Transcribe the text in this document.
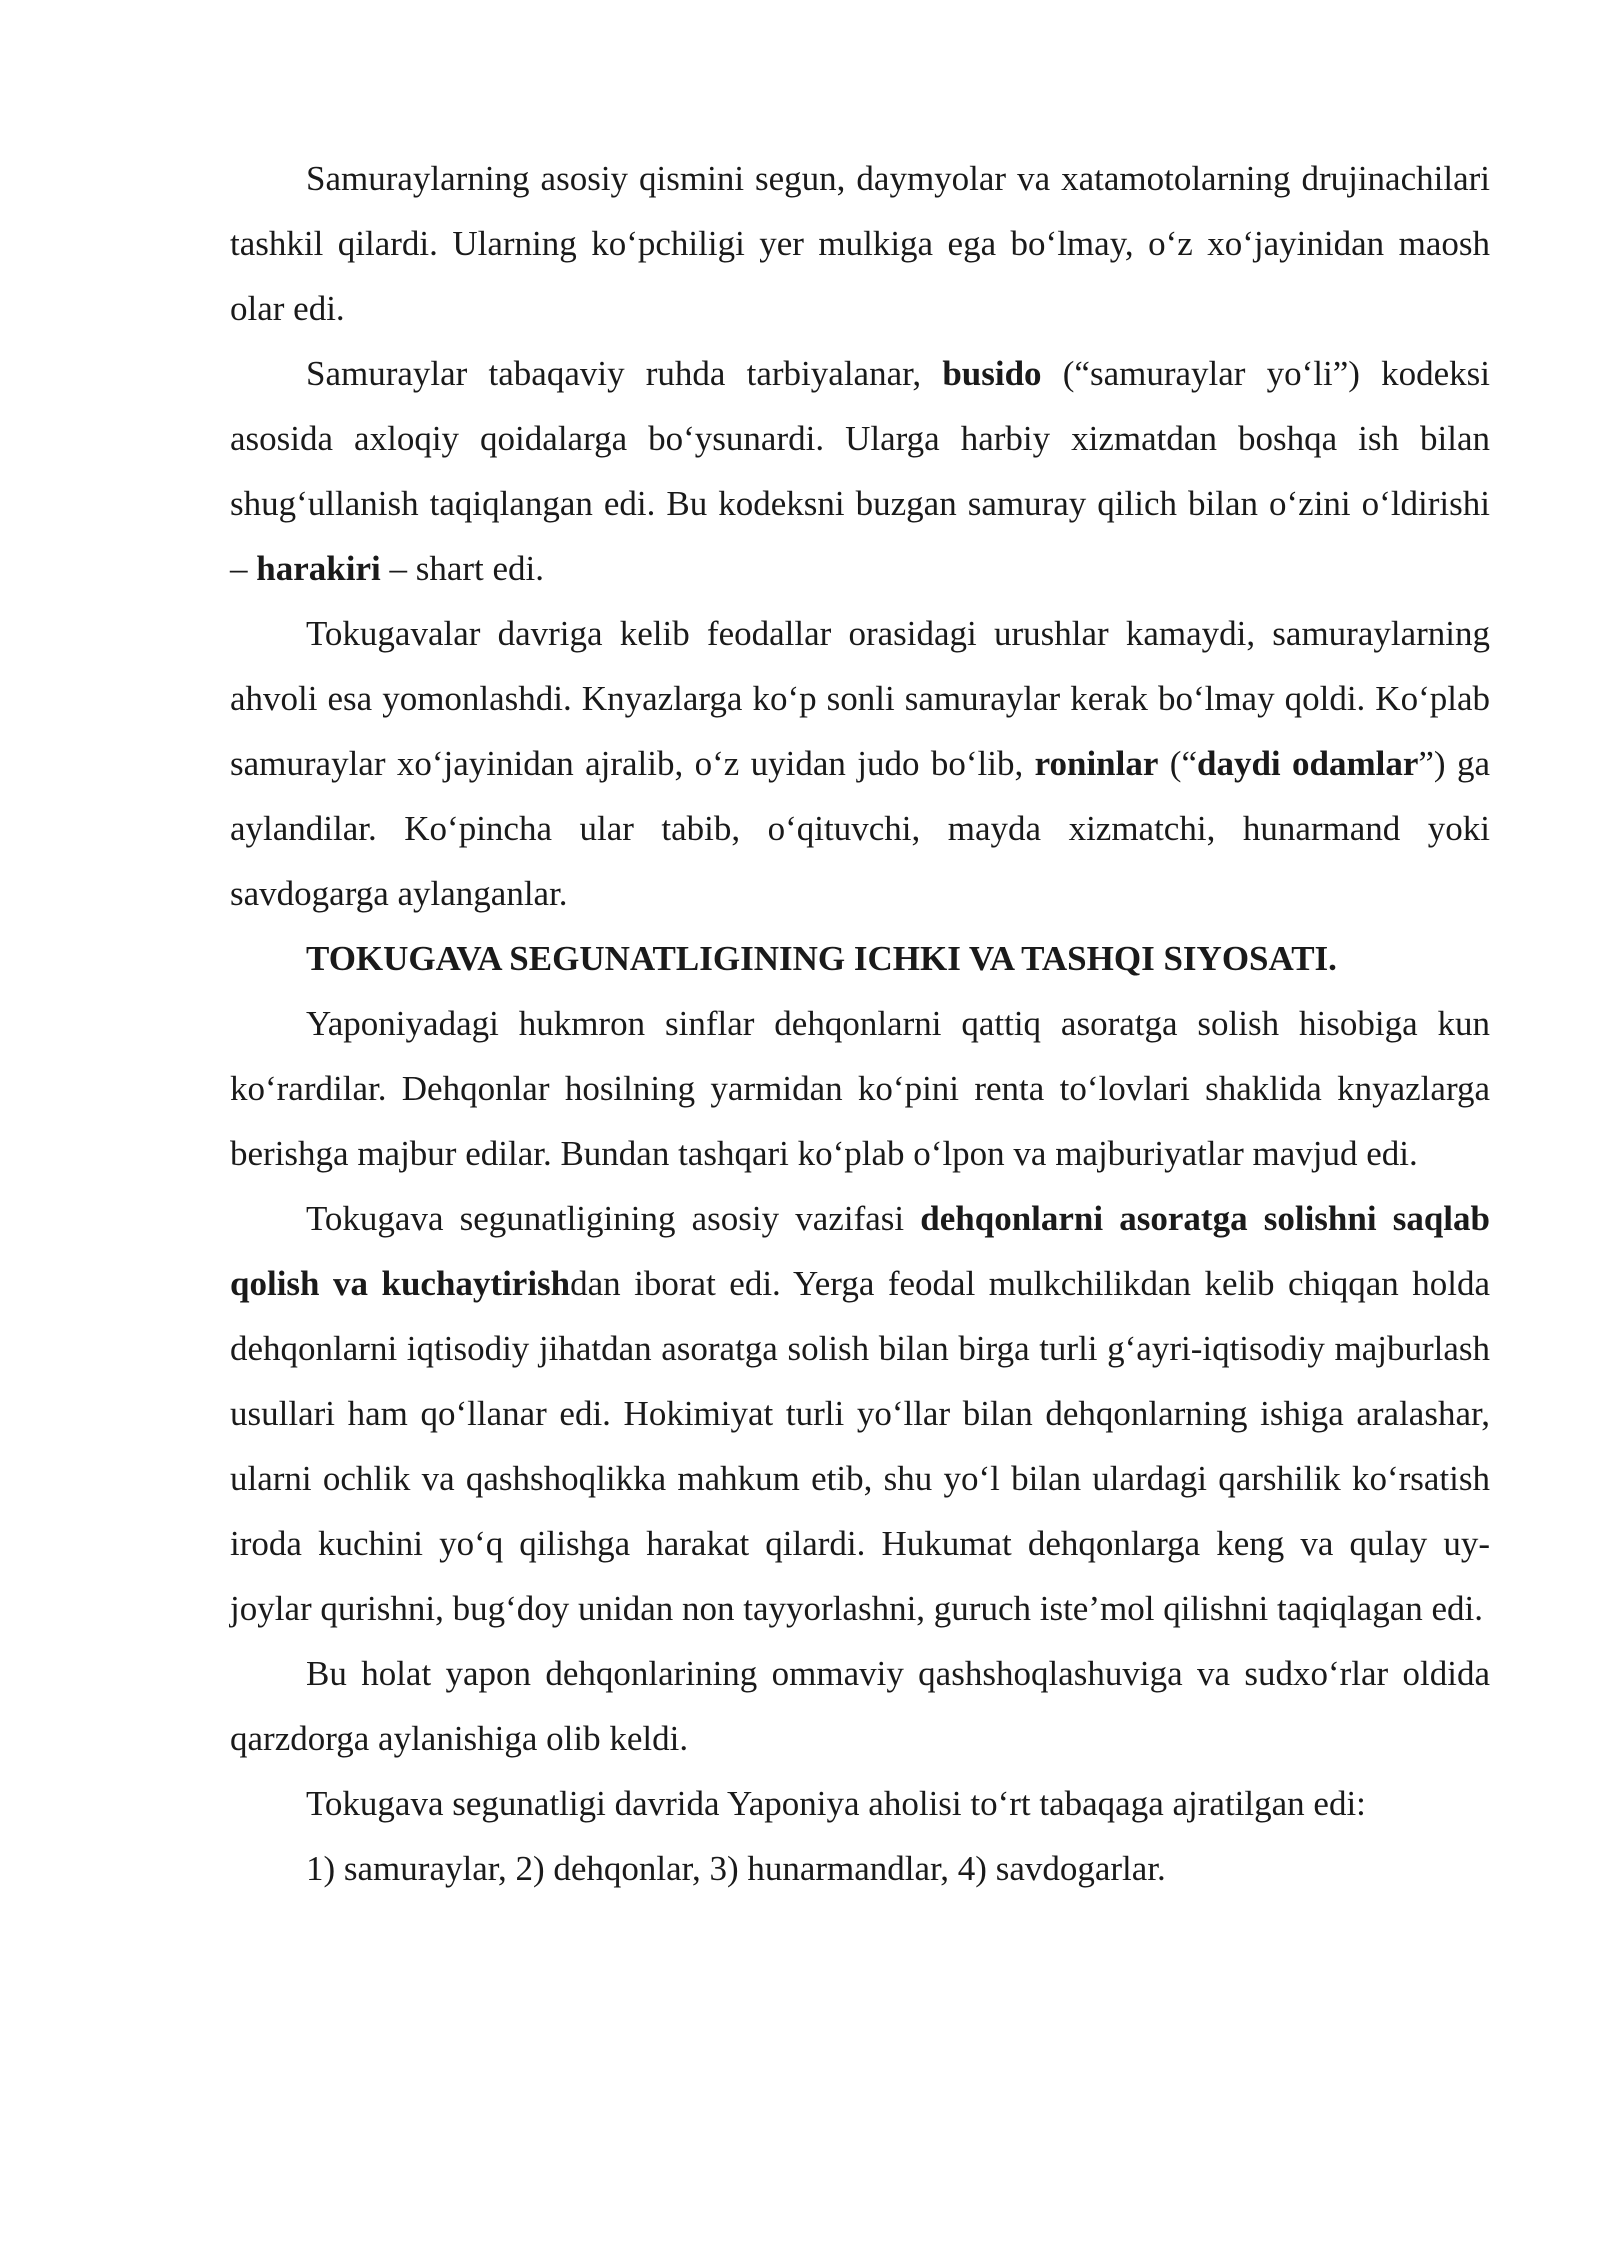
Samuraylarning asosiy qismini segun, daymyolar va xatamotolarning drujinachilari tashkil qilardi. Ularning ko‘pchiligi yer mulkiga ega bo‘lmay, o‘z xo‘jayinidan maosh olar edi.

Samuraylar tabaqaviy ruhda tarbiyalanar, busido (“samuraylar yo‘li”) kodeksi asosida axloqiy qoidalarga bo‘ysunardi. Ularga harbiy xizmatdan boshqa ish bilan shug‘ullanish taqiqlangan edi. Bu kodeksni buzgan samuray qilich bilan o‘zini o‘ldirishi – harakiri – shart edi.

Tokugavalar davriga kelib feodallar orasidagi urushlar kamaydi, samuraylarning ahvoli esa yomonlashdi. Knyazlarga ko‘p sonli samuraylar kerak bo‘lmay qoldi. Ko‘plab samuraylar xo‘jayinidan ajralib, o‘z uyidan judo bo‘lib, roninlar (“daydi odamlar”) ga aylandilar. Ko‘pincha ular tabib, o‘qituvchi, mayda xizmatchi, hunarmand yoki savdogarga aylanganlar.

TOKUGAVA SEGUNATLIGINING ICHKI VA TASHQI SIYOSATI.

Yaponiyadagi hukmron sinflar dehqonlarni qattiq asoratga solish hisobiga kun ko‘rardilar. Dehqonlar hosilning yarmidan ko‘pini renta to‘lovlari shaklida knyazlarga berishga majbur edilar. Bundan tashqari ko‘plab o‘lpon va majburiyatlar mavjud edi.

Tokugava segunatligining asosiy vazifasi dehqonlarni asoratga solishni saqlab qolish va kuchaytirishdan iborat edi. Yerga feodal mulkchilikdan kelib chiqqan holda dehqonlarni iqtisodiy jihatdan asoratga solish bilan birga turli g‘ayri-iqtisodiy majburlash usullari ham qo‘llanar edi. Hokimiyat turli yo‘llar bilan dehqonlarning ishiga aralashar, ularni ochlik va qashshoqlikka mahkum etib, shu yo‘l bilan ulardagi qarshilik ko‘rsatish iroda kuchini yo‘q qilishga harakat qilardi. Hukumat dehqonlarga keng va qulay uy-joylar qurishni, bug‘doy unidan non tayyorlashni, guruch iste’mol qilishni taqiqlagan edi.

Bu holat yapon dehqonlarining ommaviy qashshoqlashuviga va sudxo‘rlar oldida qarzdorga aylanishiga olib keldi.

Tokugava segunatligi davrida Yaponiya aholisi to‘rt tabaqaga ajratilgan edi:

1) samuraylar, 2) dehqonlar, 3) hunarmandlar, 4) savdogarlar.
